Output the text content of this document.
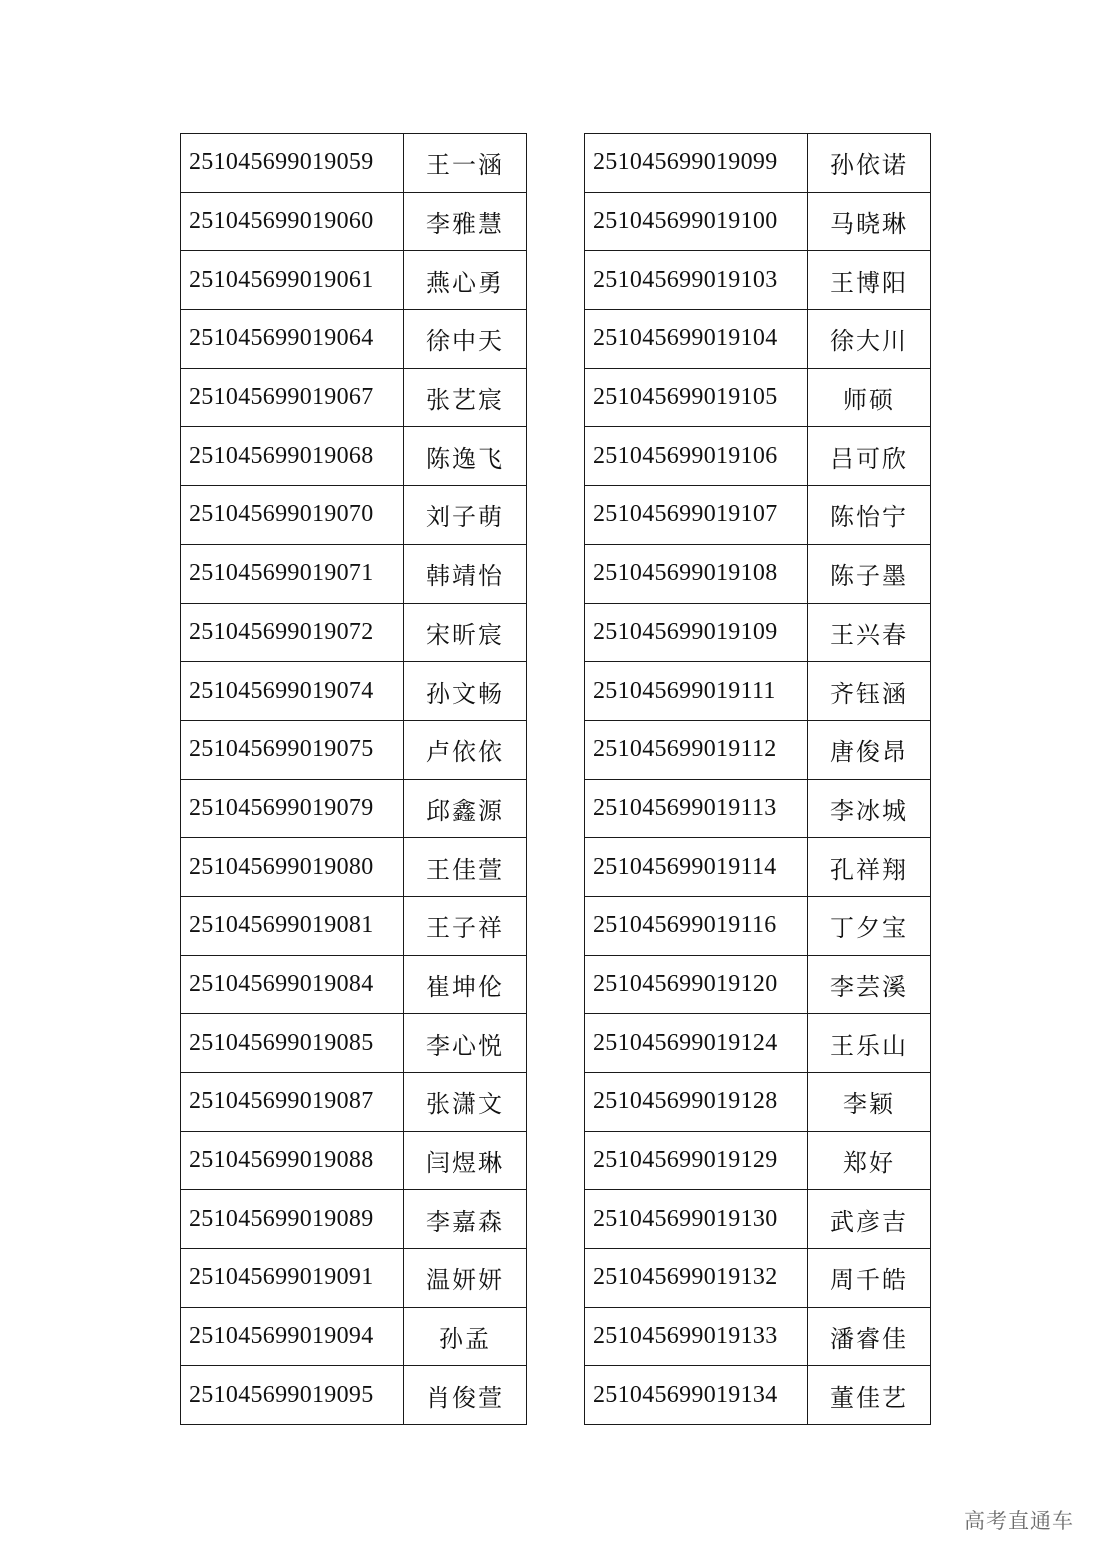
251045699019059	王一涵
251045699019060	李雅慧
251045699019061	燕心勇
251045699019064	徐中天
251045699019067	张艺宸
251045699019068	陈逸飞
251045699019070	刘子萌
251045699019071	韩靖怡
251045699019072	宋昕宸
251045699019074	孙文畅
251045699019075	卢依依
251045699019079	邱鑫源
251045699019080	王佳萱
251045699019081	王子祥
251045699019084	崔坤伦
251045699019085	李心悦
251045699019087	张潇文
251045699019088	闫煜琳
251045699019089	李嘉森
251045699019091	温妍妍
251045699019094	孙孟
251045699019095	肖俊萱
251045699019099	孙依诺
251045699019100	马晓琳
251045699019103	王博阳
251045699019104	徐大川
251045699019105	师硕
251045699019106	吕可欣
251045699019107	陈怡宁
251045699019108	陈子墨
251045699019109	王兴春
251045699019111	齐钰涵
251045699019112	唐俊昂
251045699019113	李冰城
251045699019114	孔祥翔
251045699019116	丁夕宝
251045699019120	李芸溪
251045699019124	王乐山
251045699019128	李颖
251045699019129	郑好
251045699019130	武彦吉
251045699019132	周千皓
251045699019133	潘睿佳
251045699019134	董佳艺
高考直通车
